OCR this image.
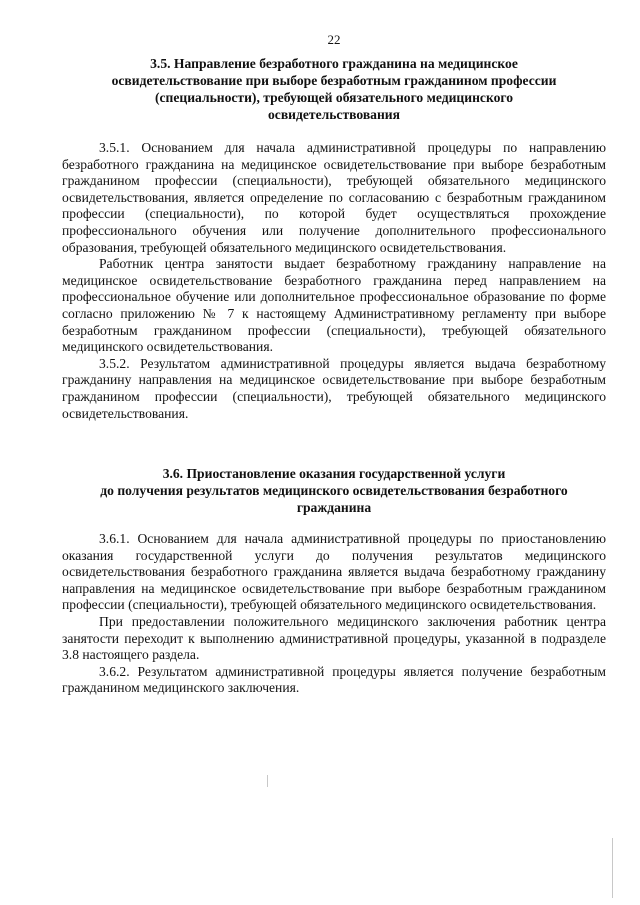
22
3.5. Направление безработного гражданина на медицинское
освидетельствование при выборе безработным гражданином профессии
(специальности), требующей обязательного медицинского
освидетельствования

3.5.1. Основанием для начала административной процедуры по направлению безработного гражданина на медицинское освидетельствование при выборе безработным гражданином профессии (специальности), требующей обязательного медицинского освидетельствования, является определение по согласованию с безработным гражданином профессии (специальности), по которой будет осуществляться прохождение профессионального обучения или получение дополнительного профессионального образования, требующей обязательного медицинского освидетельствования.

Работник центра занятости выдает безработному гражданину направление на медицинское освидетельствование безработного гражданина перед направлением на профессиональное обучение или дополнительное профессиональное образование по форме согласно приложению № 7 к настоящему Административному регламенту при выборе безработным гражданином профессии (специальности), требующей обязательного медицинского освидетельствования.

3.5.2. Результатом административной процедуры является выдача безработному гражданину направления на медицинское освидетельствование при выборе безработным гражданином профессии (специальности), требующей обязательного медицинского освидетельствования.

3.6. Приостановление оказания государственной услуги
до получения результатов медицинского освидетельствования безработного
гражданина

3.6.1. Основанием для начала административной процедуры по приостановлению оказания государственной услуги до получения результатов медицинского освидетельствования безработного гражданина является выдача безработному гражданину направления на медицинское освидетельствование при выборе безработным гражданином профессии (специальности), требующей обязательного медицинского освидетельствования.

При предоставлении положительного медицинского заключения работник центра занятости переходит к выполнению административной процедуры, указанной в подразделе 3.8 настоящего раздела.

3.6.2. Результатом административной процедуры является получение безработным гражданином медицинского заключения.
